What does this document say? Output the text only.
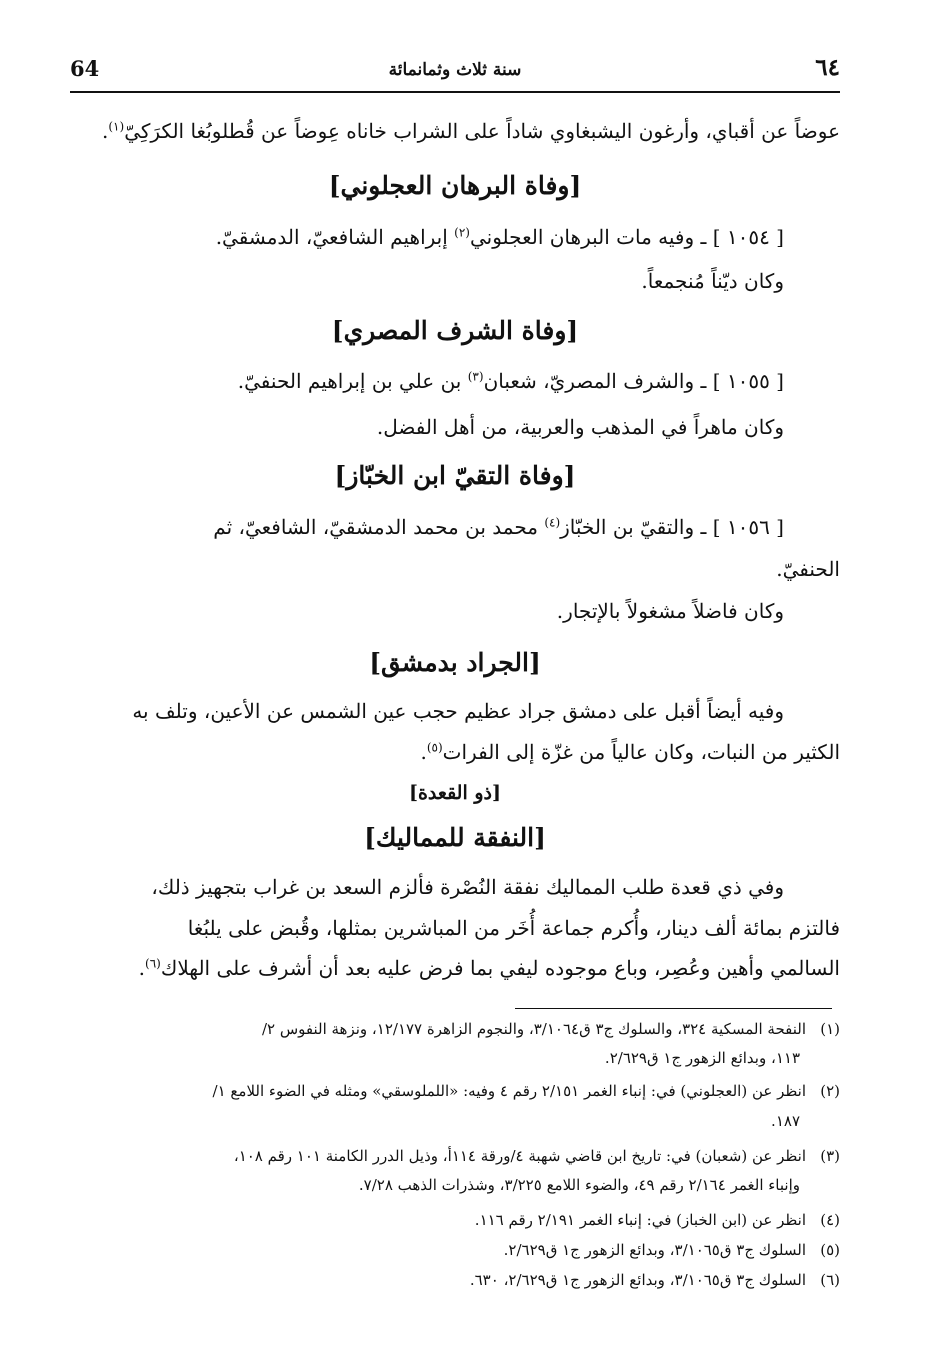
64	سنة ثلاث وثمانمائة	٦٤
عوضاً عن أقباي، وأرغون اليشبغاوي شاداً على الشراب خاناه عِوضاً عن قُطلوبُغا الكرَكِيّ$^{(١)}$.
[وفاة البرهان العجلوني]
[ ١٠٥٤ ] ـ وفيه مات البرهان العجلوني$^{(٢)}$ إبراهيم الشافعيّ، الدمشقيّ.
وكان ديّناً مُنجمعاً.
[وفاة الشرف المصري]
[ ١٠٥٥ ] ـ والشرف المصريّ، شعبان$^{(٣)}$ بن علي بن إبراهيم الحنفيّ.
وكان ماهراً في المذهب والعربية، من أهل الفضل.
[وفاة التقيّ ابن الخبّاز]
[ ١٠٥٦ ] ـ والتقيّ بن الخبّاز$^{(٤)}$ محمد بن محمد الدمشقيّ، الشافعيّ، ثم
الحنفيّ.
وكان فاضلاً مشغولاً بالإتجار.
[الجراد بدمشق]
وفيه أيضاً أقبل على دمشق جراد عظيم حجب عين الشمس عن الأعين، وتلف به
الكثير من النبات، وكان عالياً من غزّة إلى الفرات$^{(٥)}$.
[ذو القعدة]
[النفقة للمماليك]
وفي ذي قعدة طلب المماليك نفقة النُصْرة فألزم السعد بن غراب بتجهيز ذلك،
فالتزم بمائة ألف دينار، وأُكرم جماعة أُخَر من المباشرين بمثلها، وقُبض على يلبُغا
السالمي وأهين وعُصِر، وباع موجوده ليفي بما فرض عليه بعد أن أشرف على الهلاك$^{(٦)}$.
(١)النفحة المسكية ٣٢٤، والسلوك ج٣ ق٣/١٠٦٤، والنجوم الزاهرة ١٢/١٧٧، ونزهة النفوس ٢/
١١٣، وبدائع الزهور ج١ ق٢/٦٢٩.
(٢)انظر عن (العجلوني) في: إنباء الغمر ٢/١٥١ رقم ٤ وفيه: «اللملوسقي» ومثله في الضوء اللامع ١/
١٨٧.
(٣)انظر عن (شعبان) في: تاريخ ابن قاضي شهبة ٤/ورقة ١١٤أ، وذيل الدرر الكامنة ١٠١ رقم ١٠٨،
وإنباء الغمر ٢/١٦٤ رقم ٤٩، والضوء اللامع ٣/٢٢٥، وشذرات الذهب ٧/٢٨.
(٤)انظر عن (ابن الخباز) في: إنباء الغمر ٢/١٩١ رقم ١١٦.
(٥)السلوك ج٣ ق٣/١٠٦٥، وبدائع الزهور ج١ ق٢/٦٢٩.
(٦)السلوك ج٣ ق٣/١٠٦٥، وبدائع الزهور ج١ ق٢/٦٢٩، ٦٣٠.
